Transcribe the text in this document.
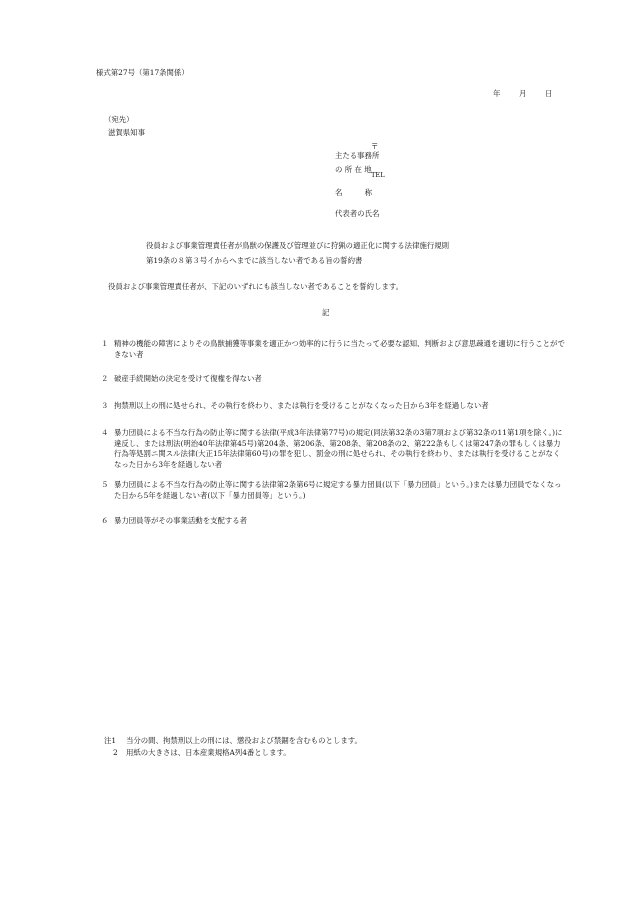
様式第27号（第17条関係）
年	月	日
（宛先）
滋賀県知事
〒
主たる事務所
の 所 在 地
TEL
名　　　称
代表者の氏名
役員および事業管理責任者が鳥獣の保護及び管理並びに狩猟の適正化に関する法律施行規則
第19条の８第３号イからへまでに該当しない者である旨の誓約書
役員および事業管理責任者が、下記のいずれにも該当しない者であることを誓約します。
記
１ 精神の機能の障害によりその鳥獣捕獲等事業を適正かつ効率的に行うに当たって必要な認知、判断および意思疎通を適切に行うことができない者
２ 破産手続開始の決定を受けて復権を得ない者
３ 拘禁刑以上の刑に処せられ、その執行を終わり、または執行を受けることがなくなった日から3年を経過しない者
４ 暴力団員による不当な行為の防止等に関する法律(平成3年法律第77号)の規定(同法第32条の3第7項および第32条の11第1項を除く。)に違反し、または刑法(明治40年法律第45号)第204条、第206条、第208条、第208条の2、第222条もしくは第247条の罪もしくは暴力行為等処罰ニ関スル法律(大正15年法律第60号)の罪を犯し、罰金の刑に処せられ、その執行を終わり、または執行を受けることがなくなった日から3年を経過しない者
５ 暴力団員による不当な行為の防止等に関する法律第2条第6号に規定する暴力団員(以下「暴力団員」という。)または暴力団員でなくなった日から5年を経過しない者(以下「暴力団員等」という。)
６ 暴力団員等がその事業活動を支配する者
注1 当分の間、拘禁刑以上の刑には、懲役および禁錮を含むものとします。
2 用紙の大きさは、日本産業規格A列4番とします。
